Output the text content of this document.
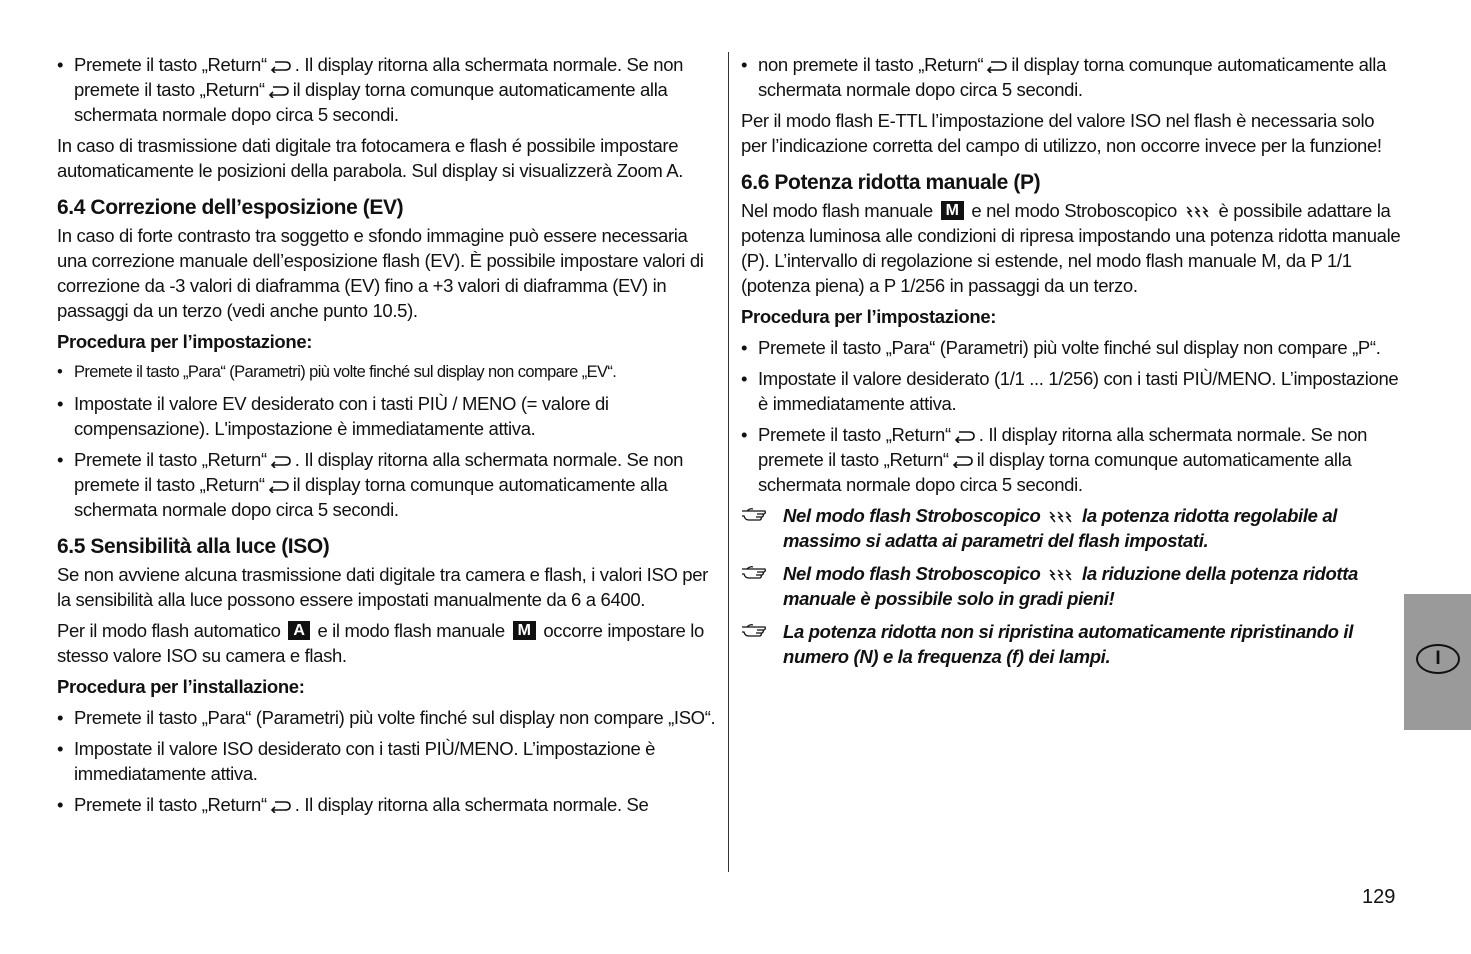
• Premete il tasto „Return“ . Il display ritorna alla schermata normale. Se non premete il tasto „Return“ il display torna comunque automaticamente alla schermata normale dopo circa 5 secondi.

In caso di trasmissione dati digitale tra fotocamera e flash é possibile impostare automaticamente le posizioni della parabola. Sul display si visualizzerà Zoom A.

6.4 Correzione dell’esposizione (EV)

In caso di forte contrasto tra soggetto e sfondo immagine può essere necessaria una correzione manuale dell’esposizione flash (EV). È possibile impostare valori di correzione da -3 valori di diaframma (EV) fino a +3 valori di diaframma (EV) in passaggi da un terzo (vedi anche punto 10.5).

Procedura per l’impostazione:
• Premete il tasto „Para“ (Parametri) più volte finché sul display non compare „EV“.
• Impostate il valore EV desiderato con i tasti PIÙ / MENO (= valore di compensazione). L'impostazione è immediatamente attiva.
• Premete il tasto „Return“ . Il display ritorna alla schermata normale. Se non premete il tasto „Return“ il display torna comunque automaticamente alla schermata normale dopo circa 5 secondi.
6.5 Sensibilità alla luce (ISO)

Se non avviene alcuna trasmissione dati digitale tra camera e flash, i valori ISO per la sensibilità alla luce possono essere impostati manualmente da 6 a 6400.

Per il modo flash automatico A e il modo flash manuale M occorre impostare lo stesso valore ISO su camera e flash.

Procedura per l’installazione:
• Premete il tasto „Para“ (Parametri) più volte finché sul display non compare „ISO“.
• Impostate il valore ISO desiderato con i tasti PIÙ/MENO. L’impostazione è immediatamente attiva.
• Premete il tasto „Return“ . Il display ritorna alla schermata normale. Se
• non premete il tasto „Return“ il display torna comunque automaticamente alla schermata normale dopo circa 5 secondi.

Per il modo flash E-TTL l’impostazione del valore ISO nel flash è necessaria solo per l’indicazione corretta del campo di utilizzo, non occorre invece per la funzione!

6.6 Potenza ridotta manuale (P)

Nel modo flash manuale M e nel modo Stroboscopico è possibile adattare la potenza luminosa alle condizioni di ripresa impostando una potenza ridotta manuale (P). L’intervallo di regolazione si estende, nel modo flash manuale M, da P 1/1 (potenza piena) a P 1/256 in passaggi da un terzo.

Procedura per l’impostazione:
• Premete il tasto „Para“ (Parametri) più volte finché sul display non compare „P“.
• Impostate il valore desiderato (1/1 ... 1/256) con i tasti PIÙ/MENO. L’impostazione è immediatamente attiva.
• Premete il tasto „Return“ . Il display ritorna alla schermata normale. Se non premete il tasto „Return“ il display torna comunque automaticamente alla schermata normale dopo circa 5 secondi.
Nel modo flash Stroboscopico la potenza ridotta regolabile al massimo si adatta ai parametri del flash impostati.
Nel modo flash Stroboscopico la riduzione della potenza ridotta manuale è possibile solo in gradi pieni!
La potenza ridotta non si ripristina automaticamente ripristinando il numero (N) e la frequenza (f) dei lampi.	I
129
